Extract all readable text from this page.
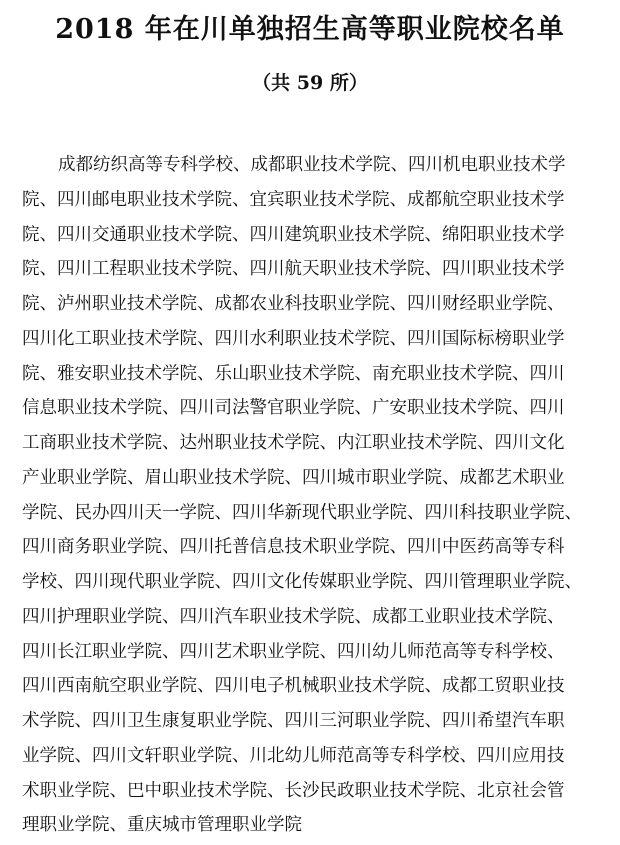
2018 年在川单独招生高等职业院校名单
（共 59 所）
成都纺织高等专科学校、成都职业技术学院、四川机电职业技术学
院、四川邮电职业技术学院、宜宾职业技术学院、成都航空职业技术学
院、四川交通职业技术学院、四川建筑职业技术学院、绵阳职业技术学
院、四川工程职业技术学院、四川航天职业技术学院、四川职业技术学
院、泸州职业技术学院、成都农业科技职业学院、四川财经职业学院、
四川化工职业技术学院、四川水利职业技术学院、四川国际标榜职业学
院、雅安职业技术学院、乐山职业技术学院、南充职业技术学院、四川
信息职业技术学院、四川司法警官职业学院、广安职业技术学院、四川
工商职业技术学院、达州职业技术学院、内江职业技术学院、四川文化
产业职业学院、眉山职业技术学院、四川城市职业学院、成都艺术职业
学院、民办四川天一学院、四川华新现代职业学院、四川科技职业学院、
四川商务职业学院、四川托普信息技术职业学院、四川中医药高等专科
学校、四川现代职业学院、四川文化传媒职业学院、四川管理职业学院、
四川护理职业学院、四川汽车职业技术学院、成都工业职业技术学院、
四川长江职业学院、四川艺术职业学院、四川幼儿师范高等专科学校、
四川西南航空职业学院、四川电子机械职业技术学院、成都工贸职业技
术学院、四川卫生康复职业学院、四川三河职业学院、四川希望汽车职
业学院、四川文轩职业学院、川北幼儿师范高等专科学校、四川应用技
术职业学院、巴中职业技术学院、长沙民政职业技术学院、北京社会管
理职业学院、重庆城市管理职业学院
